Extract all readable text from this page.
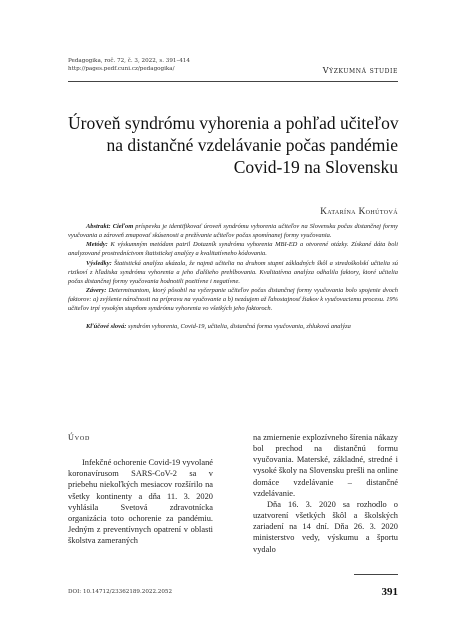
Pedagogika, roč. 72, č. 3, 2022, s. 391–414
http://pages.pedf.cuni.cz/pedagogika/	Výzkumná studie
Úroveň syndrómu vyhorenia a pohľad učiteľov
na distančné vzdelávanie počas pandémie
Covid-19 na Slovensku
Katarína Kohútová

Abstrakt: Cieľom príspevku je identifikovať úroveň syndrómu vyhorenia učiteľov na Slovensku počas distančnej formy vyučovania a zároveň zmapovať skúsenosti a prežívanie učiteľov počas spomínanej formy vyučovania.

Metódy: K výskumným metódam patril Dotazník syndrómu vyhorenia MBI-ED a otvorené otázky. Získané dáta boli analyzované prostredníctvom štatistickej analýzy a kvalitatívneho kódovania.

Výsledky: Štatistická analýza ukázala, že najmä učitelia na druhom stupni základných škôl a stredoškolskí učitelia sú rizikoví z hľadiska syndrómu vyhorenia a jeho ďalšieho prehlbovania. Kvalitatívna analýza odhalila faktory, ktoré učitelia počas distančnej formy vyučovania hodnotili pozitívne i negatívne.

Závery: Determinantom, ktorý pôsobil na vyčerpanie učiteľov počas distančnej formy vyučovania bolo spojenie dvoch faktorov: a) zvýšenie náročnosti na prípravu na vyučovanie a b) nezáujem až ľahostajnosť žiakov k vyučovaciemu procesu. 19% učiteľov trpí vysokým stupňom syndrómu vyhorenia vo všetkých jeho faktoroch.

Kľúčové slová: syndróm vyhorenia, Covid-19, učitelia, distančná forma vyučovania, zhluková analýza

Úvod

Infekčné ochorenie Covid-19 vyvolané koronavírusom SARS-CoV-2 sa v priebehu niekoľkých mesiacov rozšírilo na všetky kontinenty a dňa 11. 3. 2020 vyhlásila Svetová zdravotnícka organizácia toto ochorenie za pandémiu. Jedným z preventívnych opatrení v oblasti školstva zameraných

na zmiernenie explozívneho šírenia nákazy bol prechod na distančnú formu vyučovania. Materské, základné, stredné i vysoké školy na Slovensku prešli na online domácе vzdelávanie – distančné vzdelávanie.

Dňa 16. 3. 2020 sa rozhodlo o uzatvorení všetkých škôl a školských zariadení na 14 dní. Dňa 26. 3. 2020 ministerstvo vedy, výskumu a športu vydalo

DOI: 10.14712/23362189.2022.2052	391
